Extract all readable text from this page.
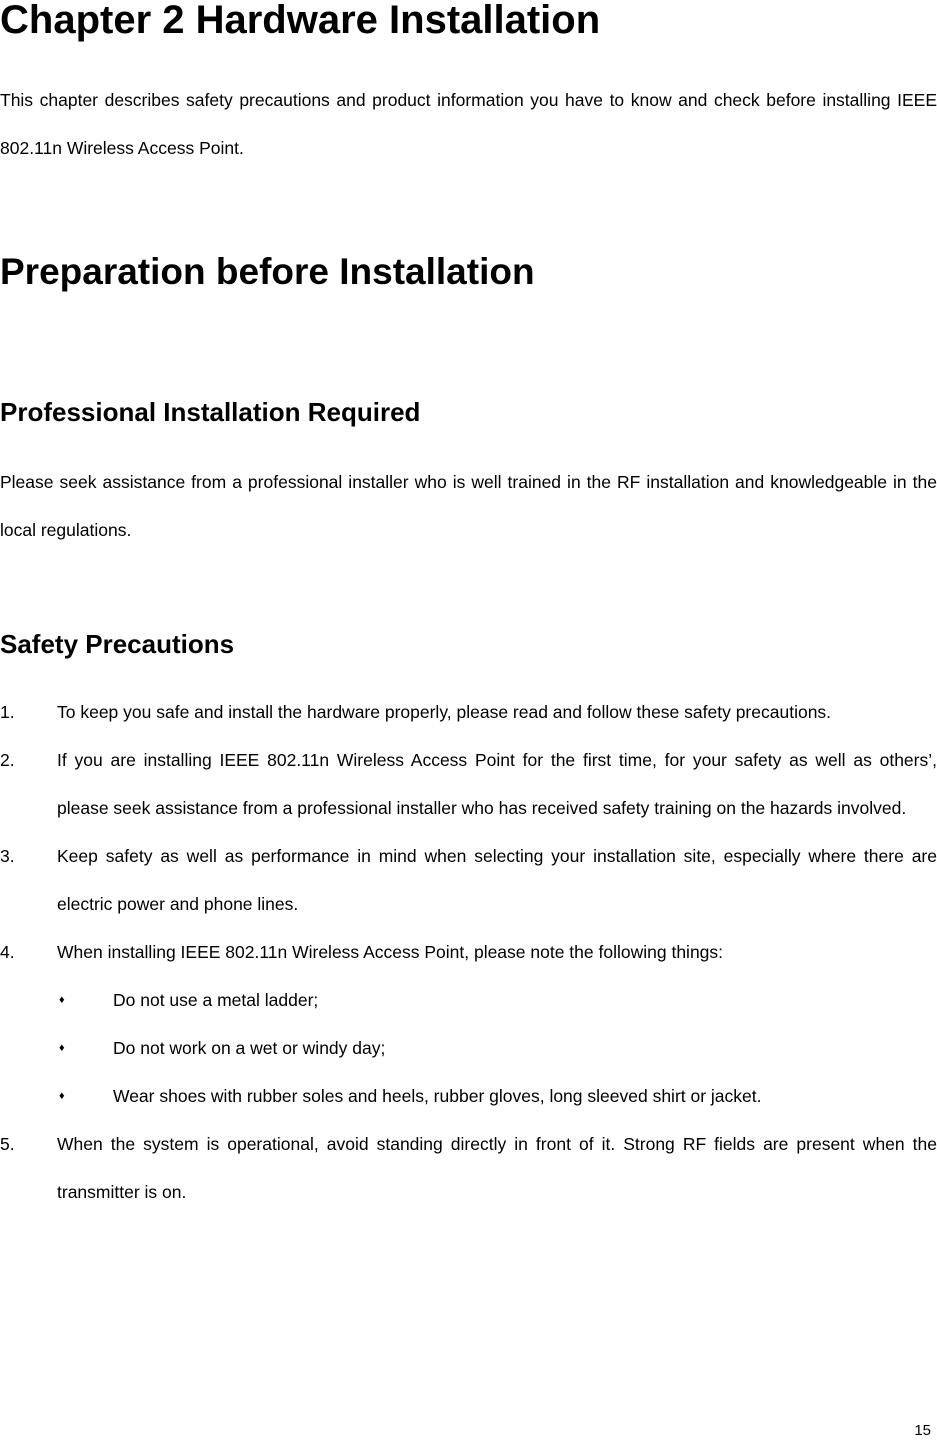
Chapter 2 Hardware Installation

This chapter describes safety precautions and product information you have to know and check before installing IEEE 802.11n Wireless Access Point.

Preparation before Installation
Professional Installation Required

Please seek assistance from a professional installer who is well trained in the RF installation and knowledgeable in the local regulations.

Safety Precautions
1. To keep you safe and install the hardware properly, please read and follow these safety precautions.
2. If you are installing IEEE 802.11n Wireless Access Point for the first time, for your safety as well as others’, please seek assistance from a professional installer who has received safety training on the hazards involved.
3. Keep safety as well as performance in mind when selecting your installation site, especially where there are electric power and phone lines.
4. When installing IEEE 802.11n Wireless Access Point, please note the following things:
♦	Do not use a metal ladder;
♦	Do not work on a wet or windy day;
♦	Wear shoes with rubber soles and heels, rubber gloves, long sleeved shirt or jacket.
5. When the system is operational, avoid standing directly in front of it. Strong RF fields are present when the transmitter is on.
15
